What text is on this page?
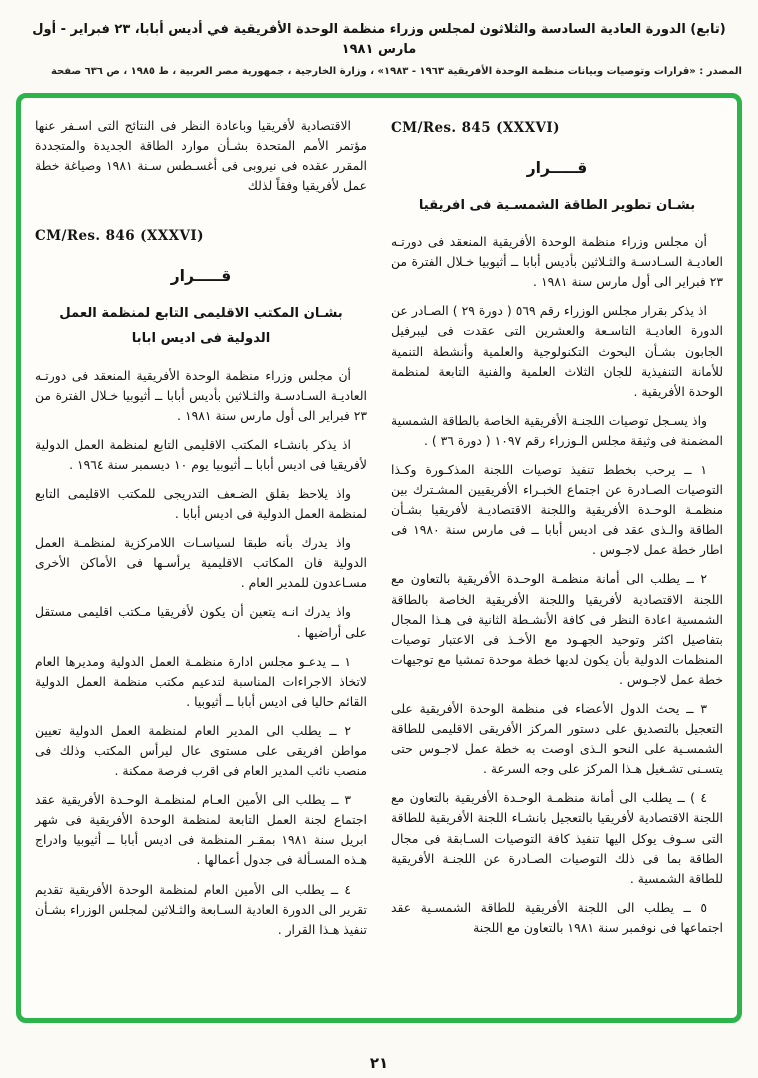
(تابع) الدورة العادية السادسة والثلاثون لمجلس وزراء منظمة الوحدة الأفريقية في أديس أبابا، ٢٣ فبراير - أول مارس ١٩٨١
المصدر : «قرارات وتوصيات وبيانات منظمة الوحدة الأفريقية ١٩٦٣ - ١٩٨٣» ، وزارة الخارجية ، جمهورية مصر العربية ، ط ١٩٨٥ ، ص ٦٣٦ صفحة
CM/Res. 845 (XXXVI)
قـــــرار
بشـان تطوير الطاقة الشمسـية فى افريقيا

أن مجلس وزراء منظمة الوحدة الأفريقية المنعقد فى دورتـه العاديـة السـادسـة والثـلاثين بأديس أبابا ــ أثيوبيا خـلال الفترة من ٢٣ فبراير الى أول مارس سنة ١٩٨١ .

اذ يذكر بقرار مجلس الوزراء رقم ٥٦٩ ( دورة ٢٩ ) الصـادر عن الدورة العاديـة التاسـعة والعشرين التى عقدت فى ليبرفيل الجابون بشـأن البحوث التكنولوجية والعلمية وأنشطة التنمية للأمانة التنفيذية للجان الثلاث العلمية والفنية التابعة لمنظمة الوحدة الأفريقية .

واذ يسـجل توصيات اللجنـة الأفريقية الخاصة بالطاقة الشمسية المضمنة فى وثيقة مجلس الـوزراء رقم ١٠٩٧ ( دورة ٣٦ ) .

١ ــ يرحب بخطط تنفيذ توصيات اللجنة المذكـورة وكـذا التوصيات الصـادرة عن اجتماع الخبـراء الأفريقيين المشـترك بين منظمـة الوحـدة الأفريقية واللجنة الاقتصاديـة لأفريقيا بشـأن الطاقة والـذى عقد فى اديس أبابا ــ فى مارس سنة ١٩٨٠ فى اطار خطة عمل لاجـوس .

٢ ــ يطلب الى أمانة منظمـة الوحـدة الأفريقية بالتعاون مع اللجنة الاقتصادية لأفريقيا واللجنة الأفريقية الخاصة بالطاقة الشمسية اعادة النظر فى كافة الأنشـطة الثانية فى هـذا المجال بتفاصيل اكثر وتوحيد الجهـود مع الأخـذ فى الاعتبار توصيات المنظمات الدولية بأن يكون لديها خطة موحدة تمشيا مع توجيهات خطة عمل لاجـوس .

٣ ــ يحث الدول الأعضاء فى منظمة الوحدة الأفريقية على التعجيل بالتصديق على دستور المركز الأفريقى الاقليمى للطاقة الشمسـية على النحو الـذى اوصت به خطة عمل لاجـوس حتى يتسـنى تشـغيل هـذا المركز على وجه السرعة .

٤ ) ــ يطلب الى أمانة منظمـة الوحـدة الأفريقية بالتعاون مع اللجنة الاقتصادية لأفريقيا بالتعجيل بانشـاء اللجنة الأفريقية للطاقة التى سـوف يوكل اليها تنفيذ كافة التوصيات السـابقة فى مجال الطاقة بما فى ذلك التوصيات الصـادرة عن اللجنـة الأفريقية للطاقة الشمسية .

٥ ــ يطلب الى اللجنة الأفريقية للطاقة الشمسـية عقد اجتماعها فى نوفمبر سنة ١٩٨١ بالتعاون مع اللجنة

الاقتصادية لأفريقيا وباعادة النظر فى النتائج التى اسـفر عنها مؤتمر الأمم المتحدة بشـأن موارد الطاقة الجديدة والمتجددة المقرر عقده فى نيروبى فى أغسـطس سـنة ١٩٨١ وصياغة خطة عمل لأفريقيا وفقاً لذلك

CM/Res. 846 (XXXVI)
قـــــرار
بشـان المكتب الاقليمى التابع لمنظمة العمل الدولية فى اديس ابابا

أن مجلس وزراء منظمة الوحدة الأفريقية المنعقد فى دورتـه العاديـة السـادسـة والثـلاثين بأديس أبابا ــ أثيوبيا خـلال الفترة من ٢٣ فبراير الى أول مارس سنة ١٩٨١ .

اذ يذكر بانشـاء المكتب الاقليمى التابع لمنظمة العمل الدولية لأفريقيا فى اديس أبابا ــ أثيوبيا يوم ١٠ ديسمبر سنة ١٩٦٤ .

واذ يلاحظ بقلق الضـعف التدريجى للمكتب الاقليمى التابع لمنظمة العمل الدولية فى اديس أبابا .

واذ يدرك بأنه طبقا لسياسـات اللامركزية لمنظمـة العمل الدولية فان المكاتب الاقليمية يرأسـها فى الأماكن الأخرى مسـاعدون للمدير العام .

واذ يدرك انـه يتعين أن يكون لأفريقيا مـكتب اقليمى مستقل على أراضيها .

١ ــ يدعـو مجلس ادارة منظمـة العمل الدولية ومديرها العام لاتخاذ الاجراءات المناسبة لتدعيم مكتب منظمة العمل الدولية القائم حاليا فى اديس أبابا ــ أثيوبيا .

٢ ــ يطلب الى المدير العام لمنظمة العمل الدولية تعيين مواطن افريقى على مستوى عال ليرأس المكتب وذلك فى منصب نائب المدير العام فى اقرب فرصة ممكنة .

٣ ــ يطلب الى الأمين العـام لمنظمـة الوحـدة الأفريقية عقد اجتماع لجنة العمل التابعة لمنظمة الوحدة الأفريقية فى شهر ابريل سنة ١٩٨١ بمقـر المنظمة فى اديس أبابا ــ أثيوبيا وادراج هـذه المسـألة فى جدول أعمالها .

٤ ــ يطلب الى الأمين العام لمنظمة الوحدة الأفريقية تقديم تقرير الى الدورة العادية السـابعة والثـلاثين لمجلس الوزراء بشـأن تنفيذ هـذا القرار .

٢١
